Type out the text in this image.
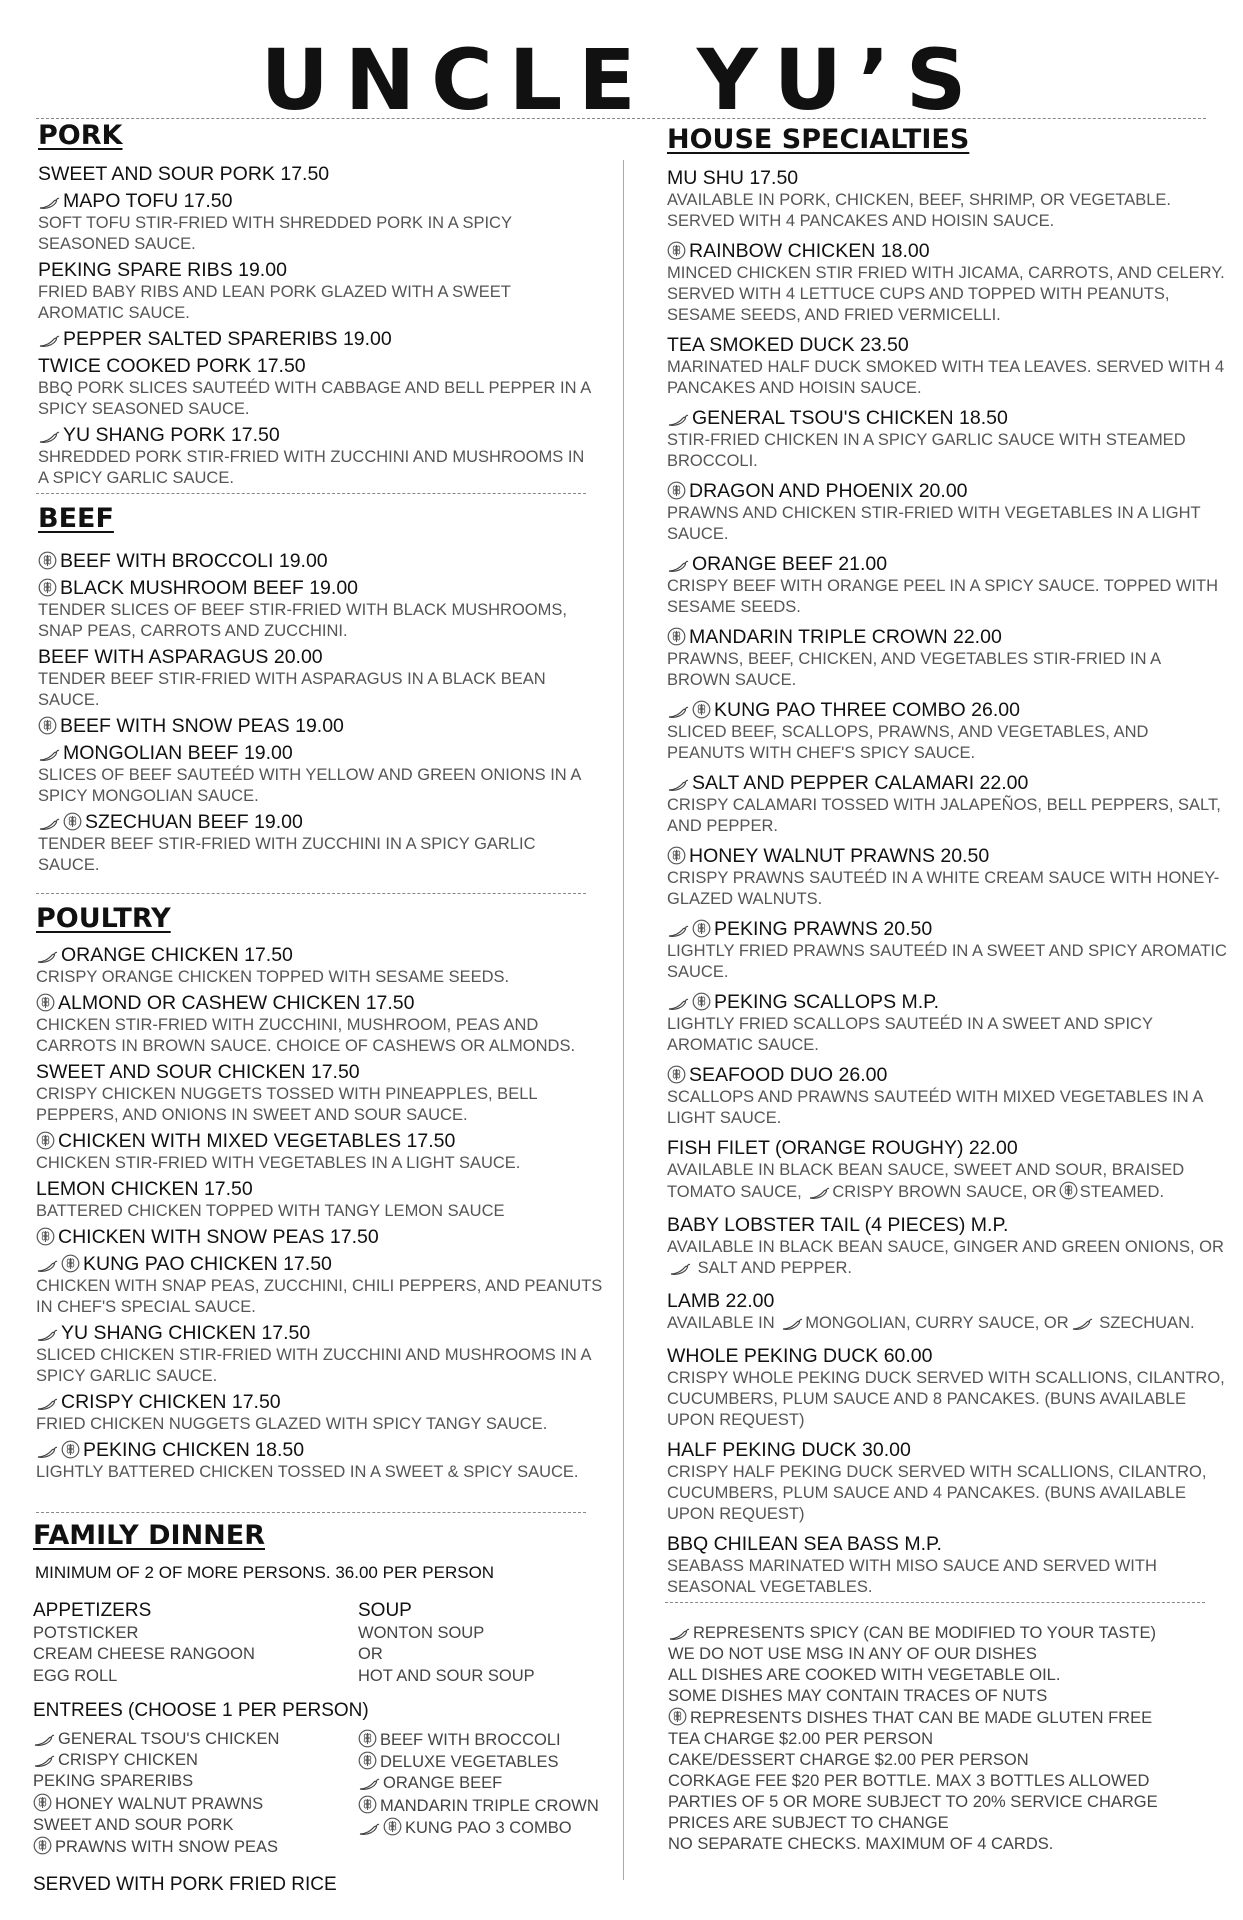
UNCLE YU’S
PORK
SWEET AND SOUR PORK 17.50
MAPO TOFU 17.50
SOFT TOFU STIR-FRIED WITH SHREDDED PORK IN A SPICY SEASONED SAUCE.
PEKING SPARE RIBS 19.00
FRIED BABY RIBS AND LEAN PORK GLAZED WITH A SWEET AROMATIC SAUCE.
PEPPER SALTED SPARERIBS 19.00
TWICE COOKED PORK 17.50
BBQ PORK SLICES SAUTEÉD WITH CABBAGE AND BELL PEPPER IN A SPICY SEASONED SAUCE.
YU SHANG PORK 17.50
SHREDDED PORK STIR-FRIED WITH ZUCCHINI AND MUSHROOMS IN A SPICY GARLIC SAUCE.
BEEF
BEEF WITH BROCCOLI 19.00
BLACK MUSHROOM BEEF 19.00
TENDER SLICES OF BEEF STIR-FRIED WITH BLACK MUSHROOMS, SNAP PEAS, CARROTS AND ZUCCHINI.
BEEF WITH ASPARAGUS 20.00
TENDER BEEF STIR-FRIED WITH ASPARAGUS IN A BLACK BEAN SAUCE.
BEEF WITH SNOW PEAS 19.00
MONGOLIAN BEEF 19.00
SLICES OF BEEF SAUTEÉD WITH YELLOW AND GREEN ONIONS IN A SPICY MONGOLIAN SAUCE.
SZECHUAN BEEF 19.00
TENDER BEEF STIR-FRIED WITH ZUCCHINI IN A SPICY GARLIC SAUCE.
POULTRY
ORANGE CHICKEN 17.50
CRISPY ORANGE CHICKEN TOPPED WITH SESAME SEEDS.
ALMOND OR CASHEW CHICKEN 17.50
CHICKEN STIR-FRIED WITH ZUCCHINI, MUSHROOM, PEAS AND CARROTS IN BROWN SAUCE. CHOICE OF CASHEWS OR ALMONDS.
SWEET AND SOUR CHICKEN 17.50
CRISPY CHICKEN NUGGETS TOSSED WITH PINEAPPLES, BELL PEPPERS, AND ONIONS IN SWEET AND SOUR SAUCE.
CHICKEN WITH MIXED VEGETABLES 17.50
CHICKEN STIR-FRIED WITH VEGETABLES IN A LIGHT SAUCE.
LEMON CHICKEN 17.50
BATTERED CHICKEN TOPPED WITH TANGY LEMON SAUCE
CHICKEN WITH SNOW PEAS 17.50
KUNG PAO CHICKEN 17.50
CHICKEN WITH SNAP PEAS, ZUCCHINI, CHILI PEPPERS, AND PEANUTS IN CHEF'S SPECIAL SAUCE.
YU SHANG CHICKEN 17.50
SLICED CHICKEN STIR-FRIED WITH ZUCCHINI AND MUSHROOMS IN A SPICY GARLIC SAUCE.
CRISPY CHICKEN 17.50
FRIED CHICKEN NUGGETS GLAZED WITH SPICY TANGY SAUCE.
PEKING CHICKEN 18.50
LIGHTLY BATTERED CHICKEN TOSSED IN A SWEET & SPICY SAUCE.
FAMILY DINNER
MINIMUM OF 2 OF MORE PERSONS. 36.00 PER PERSON
APPETIZERS
POTSTICKER
CREAM CHEESE RANGOON
EGG ROLL
SOUP
WONTON SOUP
OR
HOT AND SOUR SOUP
ENTREES (CHOOSE 1 PER PERSON)
GENERAL TSOU'S CHICKEN
CRISPY CHICKEN
PEKING SPARERIBS
HONEY WALNUT PRAWNS
SWEET AND SOUR PORK
PRAWNS WITH SNOW PEAS
BEEF WITH BROCCOLI
DELUXE VEGETABLES
ORANGE BEEF
MANDARIN TRIPLE CROWN
KUNG PAO 3 COMBO
SERVED WITH PORK FRIED RICE
HOUSE SPECIALTIES
MU SHU 17.50
AVAILABLE IN PORK, CHICKEN, BEEF, SHRIMP, OR VEGETABLE. SERVED WITH 4 PANCAKES AND HOISIN SAUCE.
RAINBOW CHICKEN 18.00
MINCED CHICKEN STIR FRIED WITH JICAMA, CARROTS, AND CELERY. SERVED WITH 4 LETTUCE CUPS AND TOPPED WITH PEANUTS, SESAME SEEDS, AND FRIED VERMICELLI.
TEA SMOKED DUCK 23.50
MARINATED HALF DUCK SMOKED WITH TEA LEAVES. SERVED WITH 4 PANCAKES AND HOISIN SAUCE.
GENERAL TSOU'S CHICKEN 18.50
STIR-FRIED CHICKEN IN A SPICY GARLIC SAUCE WITH STEAMED BROCCOLI.
DRAGON AND PHOENIX 20.00
PRAWNS AND CHICKEN STIR-FRIED WITH VEGETABLES IN A LIGHT SAUCE.
ORANGE BEEF 21.00
CRISPY BEEF WITH ORANGE PEEL IN A SPICY SAUCE. TOPPED WITH SESAME SEEDS.
MANDARIN TRIPLE CROWN 22.00
PRAWNS, BEEF, CHICKEN, AND VEGETABLES STIR-FRIED IN A BROWN SAUCE.
KUNG PAO THREE COMBO 26.00
SLICED BEEF, SCALLOPS, PRAWNS, AND VEGETABLES, AND PEANUTS WITH CHEF'S SPICY SAUCE.
SALT AND PEPPER CALAMARI 22.00
CRISPY CALAMARI TOSSED WITH JALAPEÑOS, BELL PEPPERS, SALT, AND PEPPER.
HONEY WALNUT PRAWNS 20.50
CRISPY PRAWNS SAUTEÉD IN A WHITE CREAM SAUCE WITH HONEY-GLAZED WALNUTS.
PEKING PRAWNS 20.50
LIGHTLY FRIED PRAWNS SAUTEÉD IN A SWEET AND SPICY AROMATIC SAUCE.
PEKING SCALLOPS M.P.
LIGHTLY FRIED SCALLOPS SAUTEÉD IN A SWEET AND SPICY AROMATIC SAUCE.
SEAFOOD DUO 26.00
SCALLOPS AND PRAWNS SAUTEÉD WITH MIXED VEGETABLES IN A LIGHT SAUCE.
FISH FILET (ORANGE ROUGHY) 22.00
AVAILABLE IN BLACK BEAN SAUCE, SWEET AND SOUR, BRAISED TOMATO SAUCE, CRISPY BROWN SAUCE, OR STEAMED.
BABY LOBSTER TAIL (4 PIECES) M.P.
AVAILABLE IN BLACK BEAN SAUCE, GINGER AND GREEN ONIONS, OR  SALT AND PEPPER.
LAMB 22.00
AVAILABLE IN MONGOLIAN, CURRY SAUCE, OR SZECHUAN.
WHOLE PEKING DUCK 60.00
CRISPY WHOLE PEKING DUCK SERVED WITH SCALLIONS, CILANTRO, CUCUMBERS, PLUM SAUCE AND 8 PANCAKES. (BUNS AVAILABLE UPON REQUEST)
HALF PEKING DUCK 30.00
CRISPY HALF PEKING DUCK SERVED WITH SCALLIONS, CILANTRO, CUCUMBERS, PLUM SAUCE AND 4 PANCAKES. (BUNS AVAILABLE UPON REQUEST)
BBQ CHILEAN SEA BASS M.P.
SEABASS MARINATED WITH MISO SAUCE AND SERVED WITH SEASONAL VEGETABLES.
REPRESENTS SPICY (CAN BE MODIFIED TO YOUR TASTE)
WE DO NOT USE MSG IN ANY OF OUR DISHES
ALL DISHES ARE COOKED WITH VEGETABLE OIL.
SOME DISHES MAY CONTAIN TRACES OF NUTS
REPRESENTS DISHES THAT CAN BE MADE GLUTEN FREE
TEA CHARGE $2.00 PER PERSON
CAKE/DESSERT CHARGE $2.00 PER PERSON
CORKAGE FEE $20 PER BOTTLE. MAX 3 BOTTLES ALLOWED
PARTIES OF 5 OR MORE SUBJECT TO 20% SERVICE CHARGE
PRICES ARE SUBJECT TO CHANGE
NO SEPARATE CHECKS. MAXIMUM OF 4 CARDS.
